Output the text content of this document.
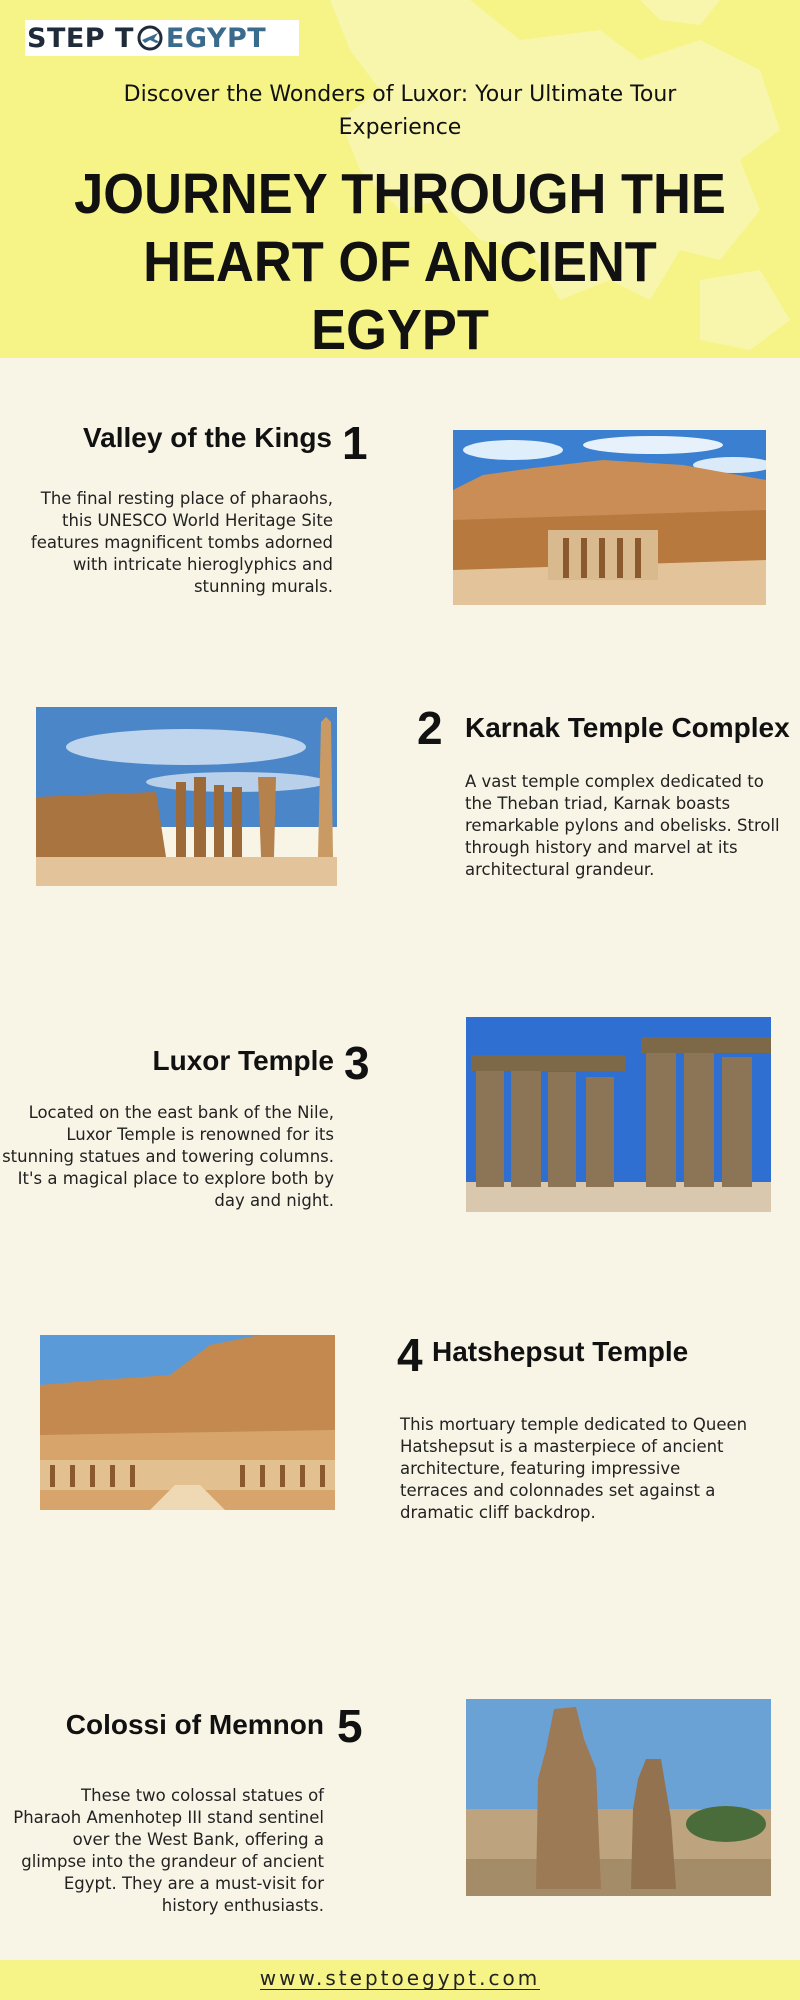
STEP T EGYPT
Discover the Wonders of Luxor: Your Ultimate Tour Experience
JOURNEY THROUGH THE HEART OF ANCIENT EGYPT
Valley of the Kings 1
The final resting place of pharaohs, this UNESCO World Heritage Site features magnificent tombs adorned with intricate hieroglyphics and stunning murals.
2 Karnak Temple Complex
A vast temple complex dedicated to the Theban triad, Karnak boasts remarkable pylons and obelisks. Stroll through history and marvel at its architectural grandeur.
Luxor Temple 3
Located on the east bank of the Nile, Luxor Temple is renowned for its stunning statues and towering columns. It's a magical place to explore both by day and night.
4 Hatshepsut Temple
This mortuary temple dedicated to Queen Hatshepsut is a masterpiece of ancient architecture, featuring impressive terraces and colonnades set against a dramatic cliff backdrop.
Colossi of Memnon 5
These two colossal statues of Pharaoh Amenhotep III stand sentinel over the West Bank, offering a glimpse into the grandeur of ancient Egypt. They are a must-visit for history enthusiasts.
www.steptoegypt.com
